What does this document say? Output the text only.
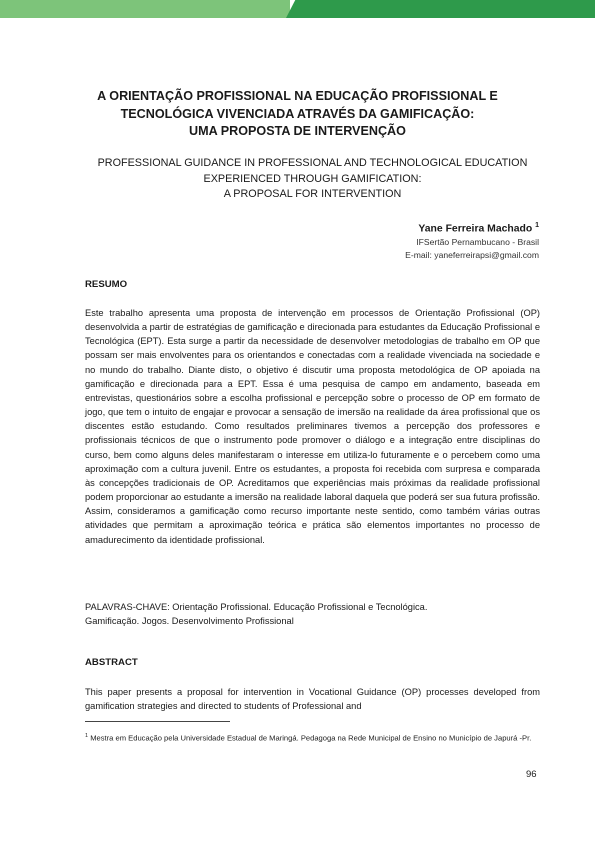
A ORIENTAÇÃO PROFISSIONAL NA EDUCAÇÃO PROFISSIONAL E
TECNOLÓGICA VIVENCIADA ATRAVÉS DA GAMIFICAÇÃO:
UMA PROPOSTA DE INTERVENÇÃO
PROFESSIONAL GUIDANCE IN PROFESSIONAL AND TECHNOLOGICAL EDUCATION
EXPERIENCED THROUGH GAMIFICATION:
A PROPOSAL FOR INTERVENTION
Yane Ferreira Machado $^1$
IFSertão Pernambucano - Brasil
E-mail: yaneferreirapsi@gmail.com
RESUMO
Este trabalho apresenta uma proposta de intervenção em processos de Orientação Profissional (OP) desenvolvida a partir de estratégias de gamificação e direcionada para estudantes da Educação Profissional e Tecnológica (EPT). Esta surge a partir da necessidade de desenvolver metodologias de trabalho em OP que possam ser mais envolventes para os orientandos e conectadas com a realidade vivenciada na sociedade e no mundo do trabalho. Diante disto, o objetivo é discutir uma proposta metodológica de OP apoiada na gamificação e direcionada para a EPT. Essa é uma pesquisa de campo em andamento, baseada em entrevistas, questionários sobre a escolha profissional e percepção sobre o processo de OP em formato de jogo, que tem o intuito de engajar e provocar a sensação de imersão na realidade da área profissional que os discentes estão estudando. Como resultados preliminares tivemos a percepção dos professores e profissionais técnicos de que o instrumento pode promover o diálogo e a integração entre disciplinas do curso, bem como alguns deles manifestaram o interesse em utiliza-lo futuramente e o percebem como uma aproximação com a cultura juvenil. Entre os estudantes, a proposta foi recebida com surpresa e comparada às concepções tradicionais de OP. Acreditamos que experiências mais próximas da realidade profissional podem proporcionar ao estudante a imersão na realidade laboral daquela que poderá ser sua futura profissão. Assim, consideramos a gamificação como recurso importante neste sentido, como também várias outras atividades que permitam a aproximação teórica e prática são elementos importantes no processo de amadurecimento da identidade profissional.
PALAVRAS-CHAVE: Orientação Profissional. Educação Profissional e Tecnológica.
Gamificação. Jogos. Desenvolvimento Profissional
ABSTRACT
This paper presents a proposal for intervention in Vocational Guidance (OP) processes developed from gamification strategies and directed to students of Professional and
$^1$ Mestra em Educação pela Universidade Estadual de Maringá. Pedagoga na Rede Municipal de Ensino no Município de Japurá -Pr.
96
